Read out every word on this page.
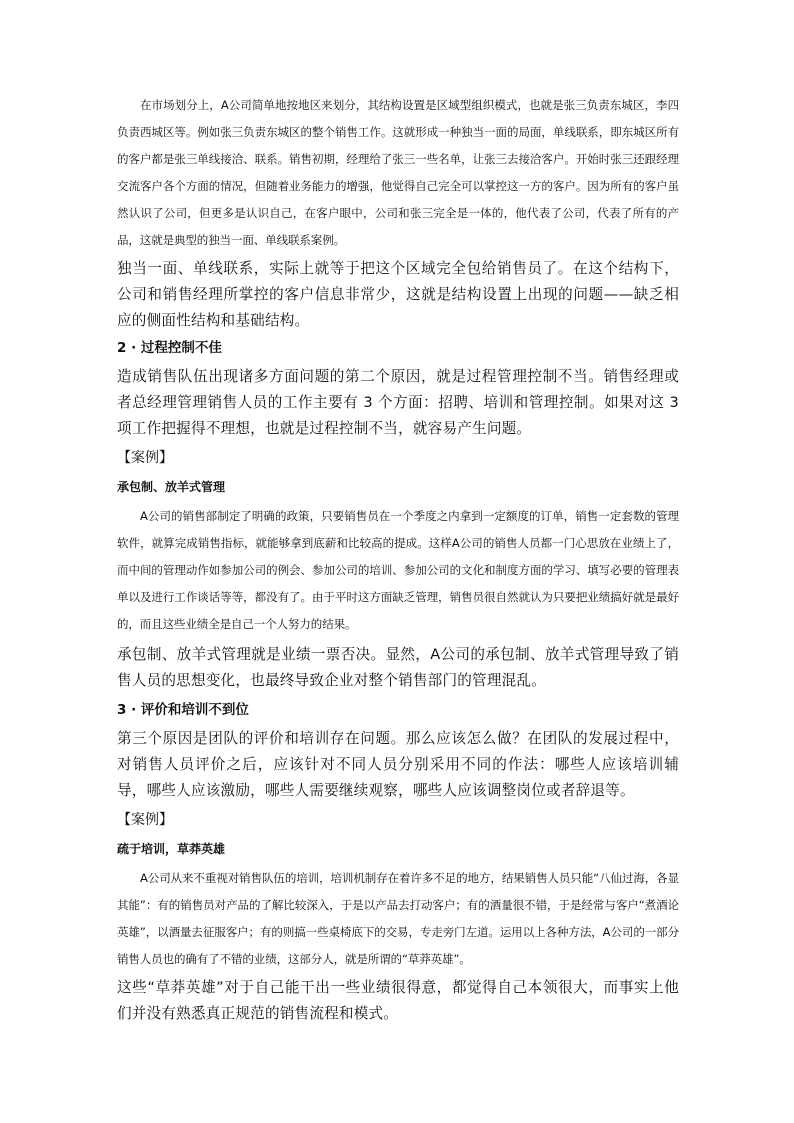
在市场划分上，A公司简单地按地区来划分，其结构设置是区域型组织模式，也就是张三负责东城区，李四负责西城区等。例如张三负责东城区的整个销售工作。这就形成一种独当一面的局面，单线联系，即东城区所有的客户都是张三单线接洽、联系。销售初期，经理给了张三一些名单，让张三去接洽客户。开始时张三还跟经理交流客户各个方面的情况，但随着业务能力的增强，他觉得自己完全可以掌控这一方的客户。因为所有的客户虽然认识了公司，但更多是认识自己，在客户眼中，公司和张三完全是一体的，他代表了公司，代表了所有的产品，这就是典型的独当一面、单线联系案例。

独当一面、单线联系，实际上就等于把这个区域完全包给销售员了。在这个结构下，公司和销售经理所掌控的客户信息非常少，这就是结构设置上出现的问题——缺乏相应的侧面性结构和基础结构。

2 · 过程控制不佳

造成销售队伍出现诸多方面问题的第二个原因，就是过程管理控制不当。销售经理或者总经理管理销售人员的工作主要有 3 个方面：招聘、培训和管理控制。如果对这 3 项工作把握得不理想，也就是过程控制不当，就容易产生问题。

【案例】

承包制、放羊式管理

A公司的销售部制定了明确的政策，只要销售员在一个季度之内拿到一定额度的订单，销售一定套数的管理软件，就算完成销售指标，就能够拿到底薪和比较高的提成。这样A公司的销售人员都一门心思放在业绩上了，而中间的管理动作如参加公司的例会、参加公司的培训、参加公司的文化和制度方面的学习、填写必要的管理表单以及进行工作谈话等等，都没有了。由于平时这方面缺乏管理，销售员很自然就认为只要把业绩搞好就是最好的，而且这些业绩全是自己一个人努力的结果。

承包制、放羊式管理就是业绩一票否决。显然，A公司的承包制、放羊式管理导致了销售人员的思想变化，也最终导致企业对整个销售部门的管理混乱。

3 · 评价和培训不到位

第三个原因是团队的评价和培训存在问题。那么应该怎么做？在团队的发展过程中，对销售人员评价之后，应该针对不同人员分别采用不同的作法：哪些人应该培训辅导，哪些人应该激励，哪些人需要继续观察，哪些人应该调整岗位或者辞退等。

【案例】

疏于培训，草莽英雄

A公司从来不重视对销售队伍的培训，培训机制存在着许多不足的地方，结果销售人员只能“八仙过海，各显其能”：有的销售员对产品的了解比较深入，于是以产品去打动客户；有的酒量很不错，于是经常与客户“煮酒论英雄”，以酒量去征服客户；有的则搞一些桌椅底下的交易，专走旁门左道。运用以上各种方法，A公司的一部分销售人员也的确有了不错的业绩，这部分人，就是所谓的“草莽英雄”。

这些“草莽英雄”对于自己能干出一些业绩很得意，都觉得自己本领很大，而事实上他们并没有熟悉真正规范的销售流程和模式。
